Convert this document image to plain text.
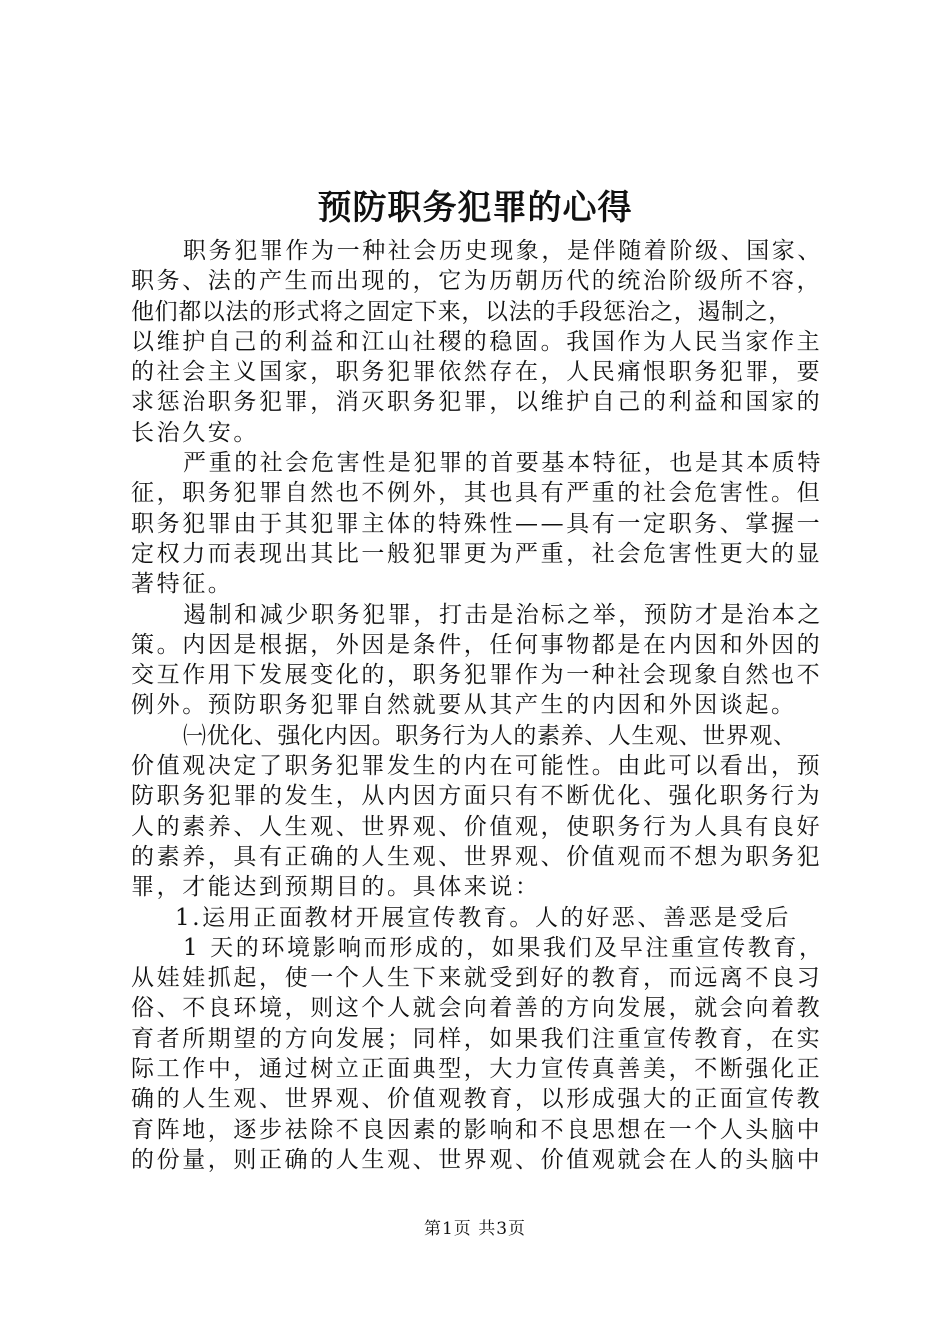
预防职务犯罪的心得
职务犯罪作为一种社会历史现象，是伴随着阶级、国家、
职务、法的产生而出现的，它为历朝历代的统治阶级所不容，
他们都以法的形式将之固定下来，以法的手段惩治之，遏制之，
以维护自己的利益和江山社稷的稳固。我国作为人民当家作主
的社会主义国家，职务犯罪依然存在，人民痛恨职务犯罪，要
求惩治职务犯罪，消灭职务犯罪，以维护自己的利益和国家的
长治久安。
严重的社会危害性是犯罪的首要基本特征，也是其本质特
征，职务犯罪自然也不例外，其也具有严重的社会危害性。但
职务犯罪由于其犯罪主体的特殊性——具有一定职务、掌握一
定权力而表现出其比一般犯罪更为严重，社会危害性更大的显
著特征。
遏制和减少职务犯罪，打击是治标之举，预防才是治本之
策。内因是根据，外因是条件，任何事物都是在内因和外因的
交互作用下发展变化的，职务犯罪作为一种社会现象自然也不
例外。预防职务犯罪自然就要从其产生的内因和外因谈起。
㈠优化、强化内因。职务行为人的素养、人生观、世界观、
价值观决定了职务犯罪发生的内在可能性。由此可以看出，预
防职务犯罪的发生，从内因方面只有不断优化、强化职务行为
人的素养、人生观、世界观、价值观，使职务行为人具有良好
的素养，具有正确的人生观、世界观、价值观而不想为职务犯
罪，才能达到预期目的。具体来说：
1.运用正面教材开展宣传教育。人的好恶、善恶是受后
1 天的环境影响而形成的，如果我们及早注重宣传教育，
从娃娃抓起，使一个人生下来就受到好的教育，而远离不良习
俗、不良环境，则这个人就会向着善的方向发展，就会向着教
育者所期望的方向发展；同样，如果我们注重宣传教育，在实
际工作中，通过树立正面典型，大力宣传真善美，不断强化正
确的人生观、世界观、价值观教育，以形成强大的正面宣传教
育阵地，逐步祛除不良因素的影响和不良思想在一个人头脑中
的份量，则正确的人生观、世界观、价值观就会在人的头脑中
第1页 共3页
